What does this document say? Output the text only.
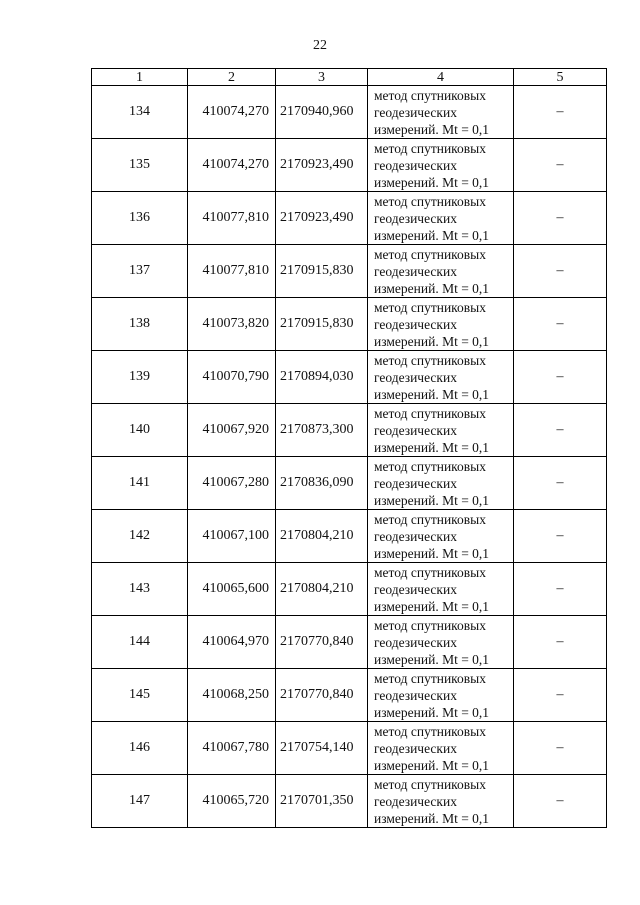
22
1	2	3	4	5
134	410074,270	2170940,960	метод спутниковых
геодезических
измерений. Mt = 0,1	–
135	410074,270	2170923,490	метод спутниковых
геодезических
измерений. Mt = 0,1	–
136	410077,810	2170923,490	метод спутниковых
геодезических
измерений. Mt = 0,1	–
137	410077,810	2170915,830	метод спутниковых
геодезических
измерений. Mt = 0,1	–
138	410073,820	2170915,830	метод спутниковых
геодезических
измерений. Mt = 0,1	–
139	410070,790	2170894,030	метод спутниковых
геодезических
измерений. Mt = 0,1	–
140	410067,920	2170873,300	метод спутниковых
геодезических
измерений. Mt = 0,1	–
141	410067,280	2170836,090	метод спутниковых
геодезических
измерений. Mt = 0,1	–
142	410067,100	2170804,210	метод спутниковых
геодезических
измерений. Mt = 0,1	–
143	410065,600	2170804,210	метод спутниковых
геодезических
измерений. Mt = 0,1	–
144	410064,970	2170770,840	метод спутниковых
геодезических
измерений. Mt = 0,1	–
145	410068,250	2170770,840	метод спутниковых
геодезических
измерений. Mt = 0,1	–
146	410067,780	2170754,140	метод спутниковых
геодезических
измерений. Mt = 0,1	–
147	410065,720	2170701,350	метод спутниковых
геодезических
измерений. Mt = 0,1	–
